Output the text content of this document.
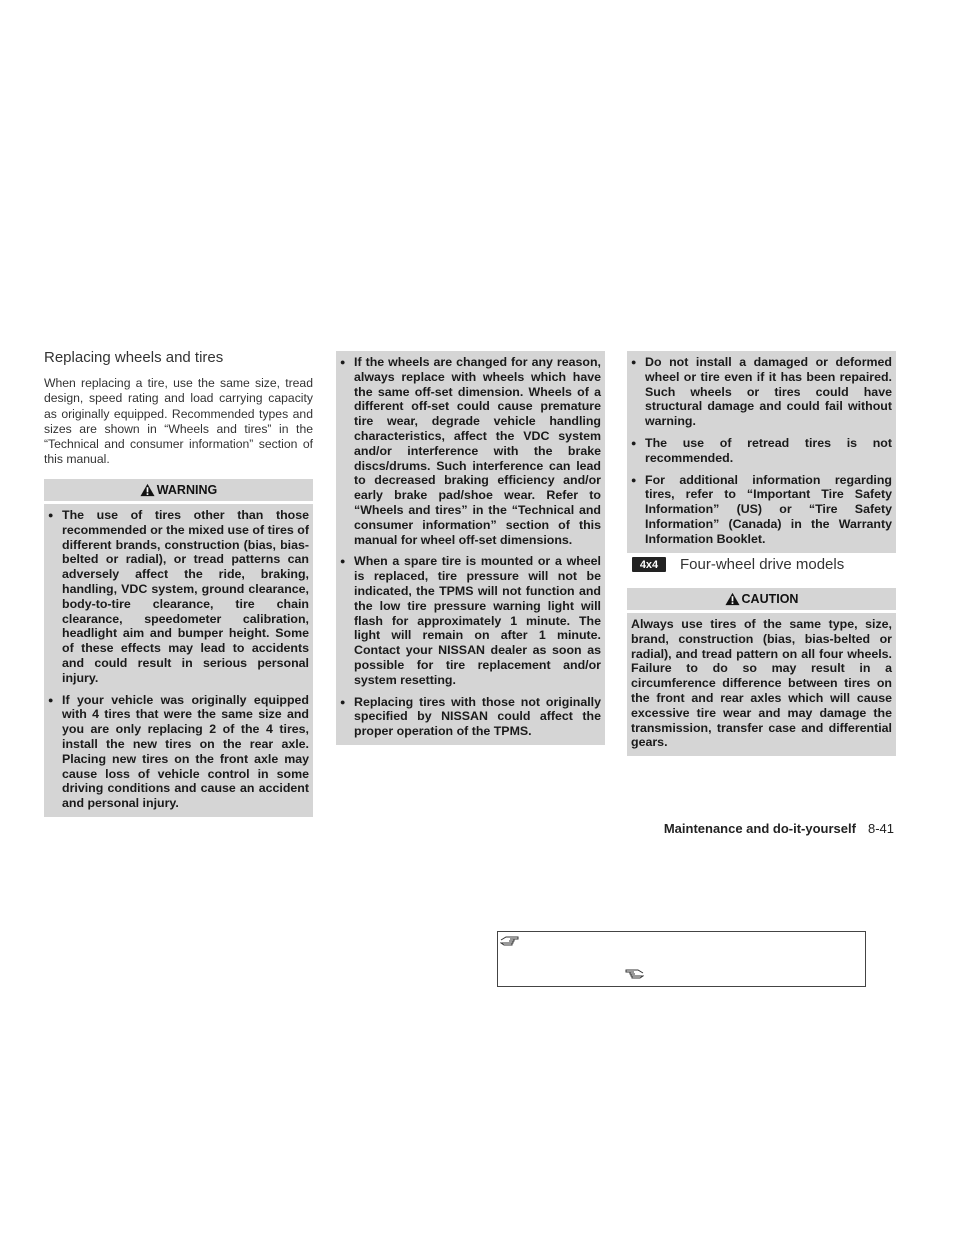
Replacing wheels and tires
When replacing a tire, use the same size, tread design, speed rating and load carrying capacity as originally equipped. Recommended types and sizes are shown in “Wheels and tires” in the “Technical and consumer information” section of this manual.
WARNING
● The use of tires other than those recommended or the mixed use of tires of different brands, construction (bias, bias-belted or radial), or tread patterns can adversely affect the ride, braking, handling, VDC system, ground clearance, body-to-tire clearance, tire chain clearance, speedometer calibration, headlight aim and bumper height. Some of these effects may lead to accidents and could result in serious personal injury.
● If your vehicle was originally equipped with 4 tires that were the same size and you are only replacing 2 of the 4 tires, install the new tires on the rear axle. Placing new tires on the front axle may cause loss of vehicle control in some driving conditions and cause an accident and personal injury.
● If the wheels are changed for any reason, always replace with wheels which have the same off-set dimension. Wheels of a different off-set could cause premature tire wear, degrade vehicle handling characteristics, affect the VDC system and/or interference with the brake discs/drums. Such interference can lead to decreased braking efficiency and/or early brake pad/shoe wear. Refer to “Wheels and tires” in the “Technical and consumer information” section of this manual for wheel off-set dimensions.
● When a spare tire is mounted or a wheel is replaced, tire pressure will not be indicated, the TPMS will not function and the low tire pressure warning light will flash for approximately 1 minute. The light will remain on after 1 minute. Contact your NISSAN dealer as soon as possible for tire replacement and/or system resetting.
● Replacing tires with those not originally specified by NISSAN could affect the proper operation of the TPMS.
● Do not install a damaged or deformed wheel or tire even if it has been repaired. Such wheels or tires could have structural damage and could fail without warning.
● The use of retread tires is not recommended.
● For additional information regarding tires, refer to “Important Tire Safety Information” (US) or “Tire Safety Information” (Canada) in the Warranty Information Booklet.
4x4	Four-wheel drive models
CAUTION
Always use tires of the same type, size, brand, construction (bias, bias-belted or radial), and tread pattern on all four wheels. Failure to do so may result in a circumference difference between tires on the front and rear axles which will cause excessive tire wear and may damage the transmission, transfer case and differential gears.
Maintenance and do-it-yourself 8-41
